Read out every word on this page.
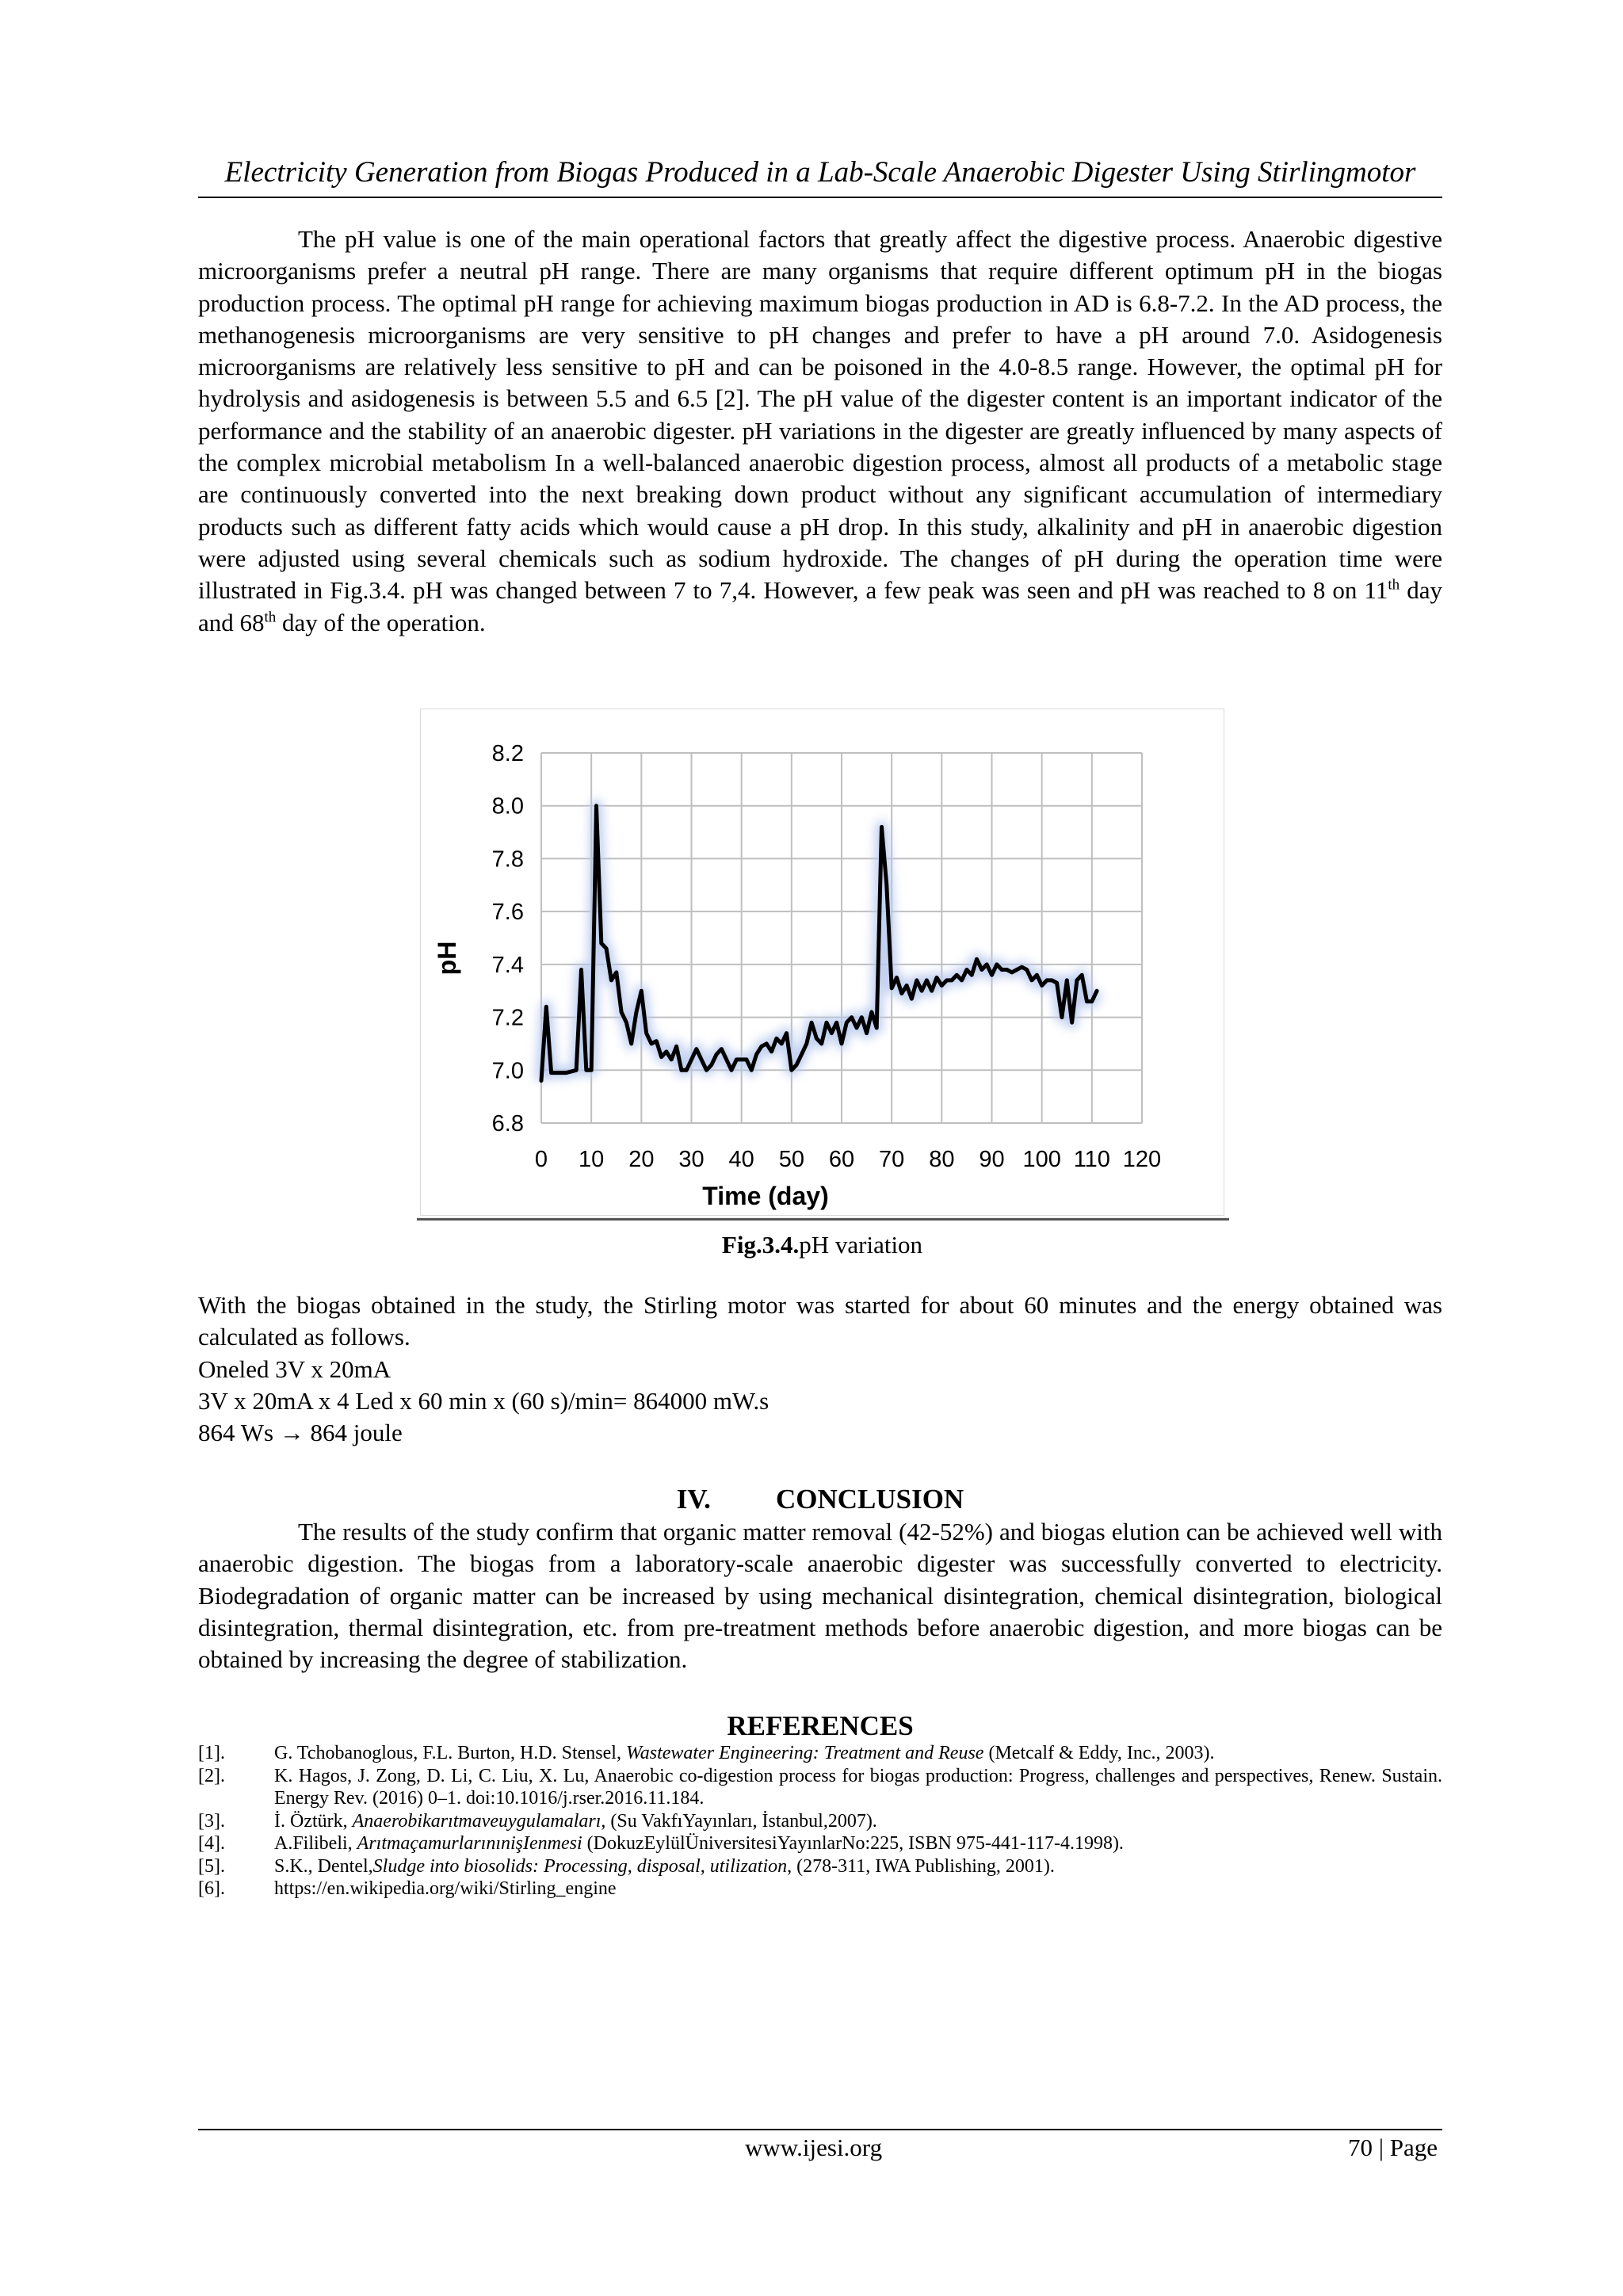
Electricity Generation from Biogas Produced in a Lab-Scale Anaerobic Digester Using Stirlingmotor
The pH value is one of the main operational factors that greatly affect the digestive process. Anaerobic digestive microorganisms prefer a neutral pH range. There are many organisms that require different optimum pH in the biogas production process. The optimal pH range for achieving maximum biogas production in AD is 6.8-7.2. In the AD process, the methanogenesis microorganisms are very sensitive to pH changes and prefer to have a pH around 7.0. Asidogenesis microorganisms are relatively less sensitive to pH and can be poisoned in the 4.0-8.5 range. However, the optimal pH for hydrolysis and asidogenesis is between 5.5 and 6.5 [2]. The pH value of the digester content is an important indicator of the performance and the stability of an anaerobic digester. pH variations in the digester are greatly influenced by many aspects of the complex microbial metabolism In a well-balanced anaerobic digestion process, almost all products of a metabolic stage are continuously converted into the next breaking down product without any significant accumulation of intermediary products such as different fatty acids which would cause a pH drop. In this study, alkalinity and pH in anaerobic digestion were adjusted using several chemicals such as sodium hydroxide. The changes of pH during the operation time were illustrated in Fig.3.4. pH was changed between 7 to 7,4. However, a few peak was seen and pH was reached to 8 on 11th day and 68th day of the operation.
6.8
7.0
7.2
7.4
7.6
7.8
8.0
8.2
0 10 20 30 40 50 60 70 80 90 100 110 120
Time (day)
pH
Fig.3.4.pH variation
With the biogas obtained in the study, the Stirling motor was started for about 60 minutes and the energy obtained was calculated as follows.
Oneled 3V x 20mA
3V x 20mA x 4 Led x 60 min x (60 s)/min= 864000 mW.s
864 Ws → 864 joule
IV. CONCLUSION
The results of the study confirm that organic matter removal (42-52%) and biogas elution can be achieved well with anaerobic digestion. The biogas from a laboratory-scale anaerobic digester was successfully converted to electricity. Biodegradation of organic matter can be increased by using mechanical disintegration, chemical disintegration, biological disintegration, thermal disintegration, etc. from pre-treatment methods before anaerobic digestion, and more biogas can be obtained by increasing the degree of stabilization.
REFERENCES
[1].	G. Tchobanoglous, F.L. Burton, H.D. Stensel, Wastewater Engineering: Treatment and Reuse (Metcalf & Eddy, Inc., 2003).
[2].	K. Hagos, J. Zong, D. Li, C. Liu, X. Lu, Anaerobic co-digestion process for biogas production: Progress, challenges and perspectives, Renew. Sustain. Energy Rev. (2016) 0–1. doi:10.1016/j.rser.2016.11.184.
[3].	İ. Öztürk, Anaerobikarıtmaveuygulamaları, (Su VakfıYayınları, İstanbul,2007).
[4].	A.Filibeli, ArıtmaçamurlarınınişIenmesi (DokuzEylülÜniversitesiYayınlarNo:225, ISBN 975-441-117-4.1998).
[5].	S.K., Dentel,Sludge into biosolids: Processing, disposal, utilization, (278-311, IWA Publishing, 2001).
[6].	https://en.wikipedia.org/wiki/Stirling_engine
www.ijesi.org	70 | Page
